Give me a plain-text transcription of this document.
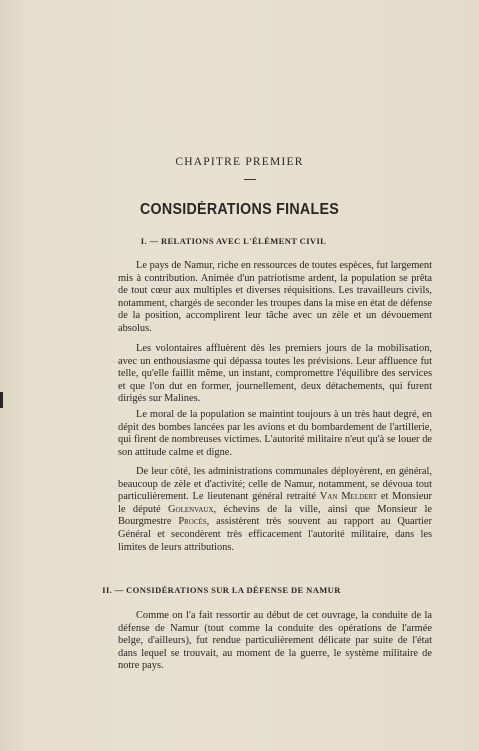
CHAPITRE PREMIER
CONSIDÉRATIONS FINALES
I. — RELATIONS AVEC L'ÉLÉMENT CIVIL

Le pays de Namur, riche en ressources de toutes espèces, fut largement mis à contribution. Animée d'un patriotisme ardent, la population se prêta de tout cœur aux multiples et diverses réquisitions. Les travailleurs civils, notamment, chargés de seconder les troupes dans la mise en état de défense de la position, accomplirent leur tâche avec un zèle et un dévouement absolus.

Les volontaires affluèrent dès les premiers jours de la mobilisation, avec un enthousiasme qui dépassa toutes les prévisions. Leur affluence fut telle, qu'elle faillit même, un instant, compromettre l'équilibre des services et que l'on dut en former, journellement, deux détachements, qui furent dirigés sur Malines.

Le moral de la population se maintint toujours à un très haut degré, en dépit des bombes lancées par les avions et du bombardement de l'artillerie, qui firent de nombreuses victimes. L'autorité militaire n'eut qu'à se louer de son attitude calme et digne.

De leur côté, les administrations communales déployèrent, en général, beaucoup de zèle et d'activité; celle de Namur, notamment, se dévoua tout particulièrement. Le lieutenant général retraité Van Meldert et Monsieur le député Golenvaux, échevins de la ville, ainsi que Monsieur le Bourgmestre Procès, assistèrent très souvent au rapport au Quartier Général et secondèrent très efficacement l'autorité militaire, dans les limites de leurs attributions.

II. — CONSIDÉRATIONS SUR LA DÉFENSE DE NAMUR

Comme on l'a fait ressortir au début de cet ouvrage, la conduite de la défense de Namur (tout comme la conduite des opérations de l'armée belge, d'ailleurs), fut rendue particulièrement délicate par suite de l'état dans lequel se trouvait, au moment de la guerre, le système militaire de notre pays.
